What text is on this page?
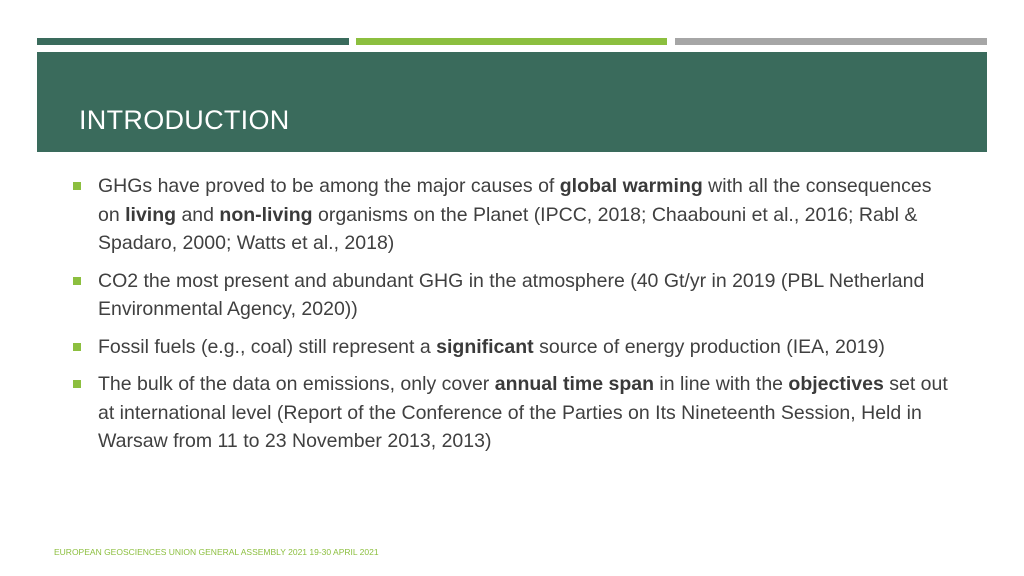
INTRODUCTION
GHGs have proved to be among the major causes of global warming with all the consequences on living and non-living organisms on the Planet (IPCC, 2018; Chaabouni et al., 2016; Rabl & Spadaro, 2000; Watts et al., 2018)
CO2 the most present and abundant GHG in the atmosphere (40 Gt/yr in 2019 (PBL Netherland Environmental Agency, 2020))
Fossil fuels (e.g., coal) still represent a significant source of energy production (IEA, 2019)
The bulk of the data on emissions, only cover annual time span in line with the objectives set out at international level (Report of the Conference of the Parties on Its Nineteenth Session, Held in Warsaw from 11 to 23 November 2013, 2013)
EUROPEAN GEOSCIENCES UNION GENERAL ASSEMBLY 2021 19-30 APRIL 2021
